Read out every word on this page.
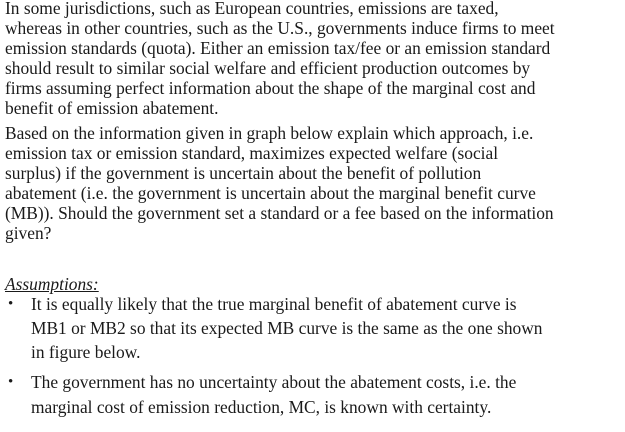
In some jurisdictions, such as European countries, emissions are taxed,
whereas in other countries, such as the U.S., governments induce firms to meet
emission standards (quota). Either an emission tax/fee or an emission standard
should result to similar social welfare and efficient production outcomes by
firms assuming perfect information about the shape of the marginal cost and
benefit of emission abatement.
Based on the information given in graph below explain which approach, i.e.
emission tax or emission standard, maximizes expected welfare (social
surplus) if the government is uncertain about the benefit of pollution
abatement (i.e. the government is uncertain about the marginal benefit curve
(MB)). Should the government set a standard or a fee based on the information
given?
Assumptions:
• It is equally likely that the true marginal benefit of abatement curve is
MB1 or MB2 so that its expected MB curve is the same as the one shown
in figure below.
• The government has no uncertainty about the abatement costs, i.e. the
marginal cost of emission reduction, MC, is known with certainty.
